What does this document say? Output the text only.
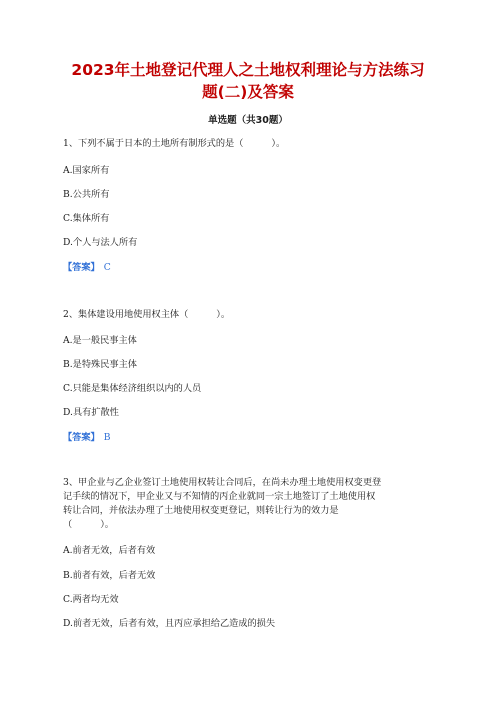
2023年土地登记代理人之土地权利理论与方法练习
题(二)及答案
单选题（共30题）
1、下列不属于日本的土地所有制形式的是（	）。
A.国家所有
B.公共所有
C.集体所有
D.个人与法人所有
【答案】 C
2、集体建设用地使用权主体（	）。
A.是一般民事主体
B.是特殊民事主体
C.只能是集体经济组织以内的人员
D.具有扩散性
【答案】 B
3、甲企业与乙企业签订土地使用权转让合同后，在尚未办理土地使用权变更登
记手续的情况下，甲企业又与不知情的丙企业就同一宗土地签订了土地使用权
转让合同，并依法办理了土地使用权变更登记，则转让行为的效力是
（	）。
A.前者无效，后者有效
B.前者有效，后者无效
C.两者均无效
D.前者无效，后者有效，且丙应承担给乙造成的损失
